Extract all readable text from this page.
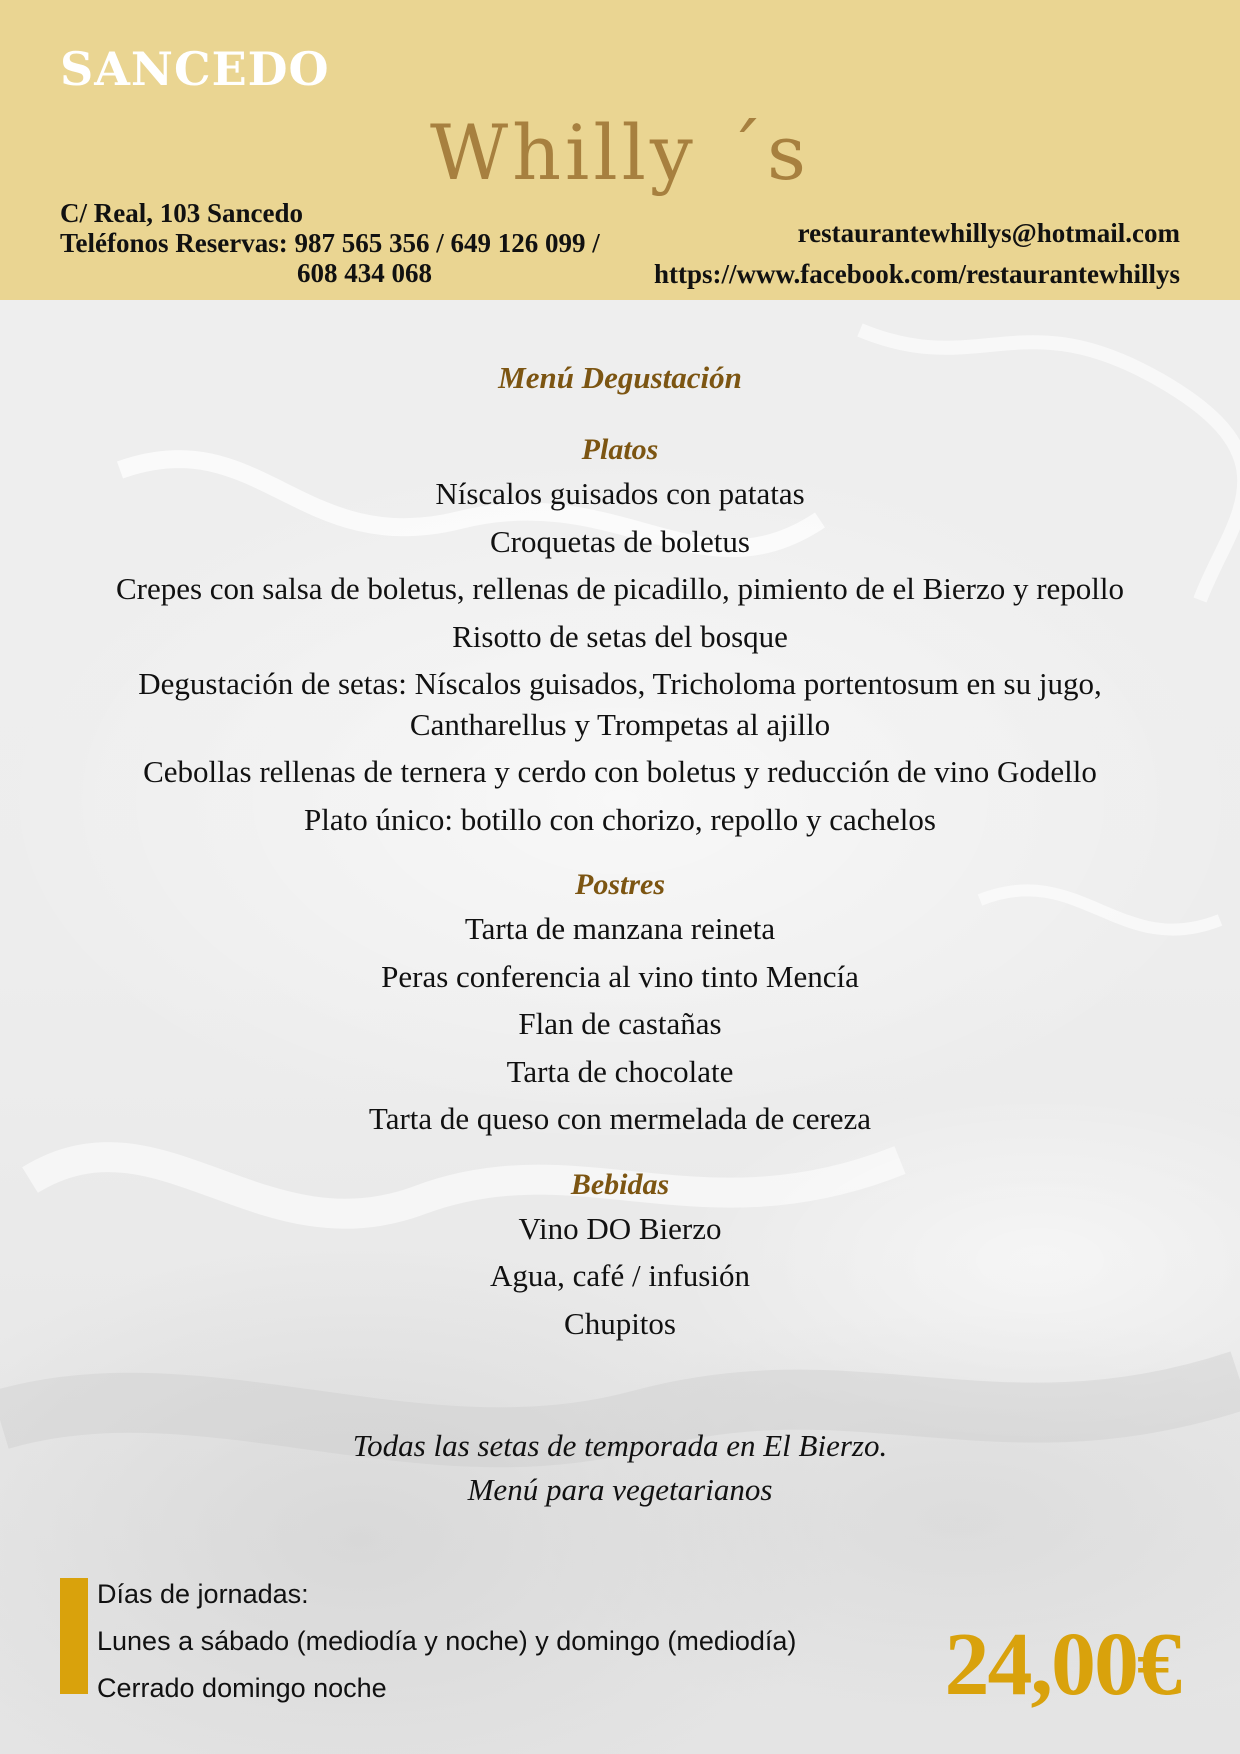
SANCEDO
Whilly ´s
C/ Real, 103 Sancedo
Teléfonos Reservas: 987 565 356 / 649 126 099 /
608 434 068
restaurantewhillys@hotmail.com
https://www.facebook.com/restaurantewhillys
Menú Degustación
Platos
Níscalos guisados con patatas
Croquetas de boletus
Crepes con salsa de boletus, rellenas de picadillo, pimiento de el Bierzo y repollo
Risotto de setas del bosque
Degustación de setas: Níscalos guisados, Tricholoma portentosum en su jugo,
Cantharellus y Trompetas al ajillo
Cebollas rellenas de ternera y cerdo con boletus y reducción de vino Godello
Plato único: botillo con chorizo, repollo y cachelos
Postres
Tarta de manzana reineta
Peras conferencia al vino tinto Mencía
Flan de castañas
Tarta de chocolate
Tarta de queso con mermelada de cereza
Bebidas
Vino DO Bierzo
Agua, café / infusión
Chupitos
Todas las setas de temporada en El Bierzo.
Menú para vegetarianos
Días de jornadas:
Lunes a sábado (mediodía y noche) y domingo (mediodía)
Cerrado domingo noche	24,00€
